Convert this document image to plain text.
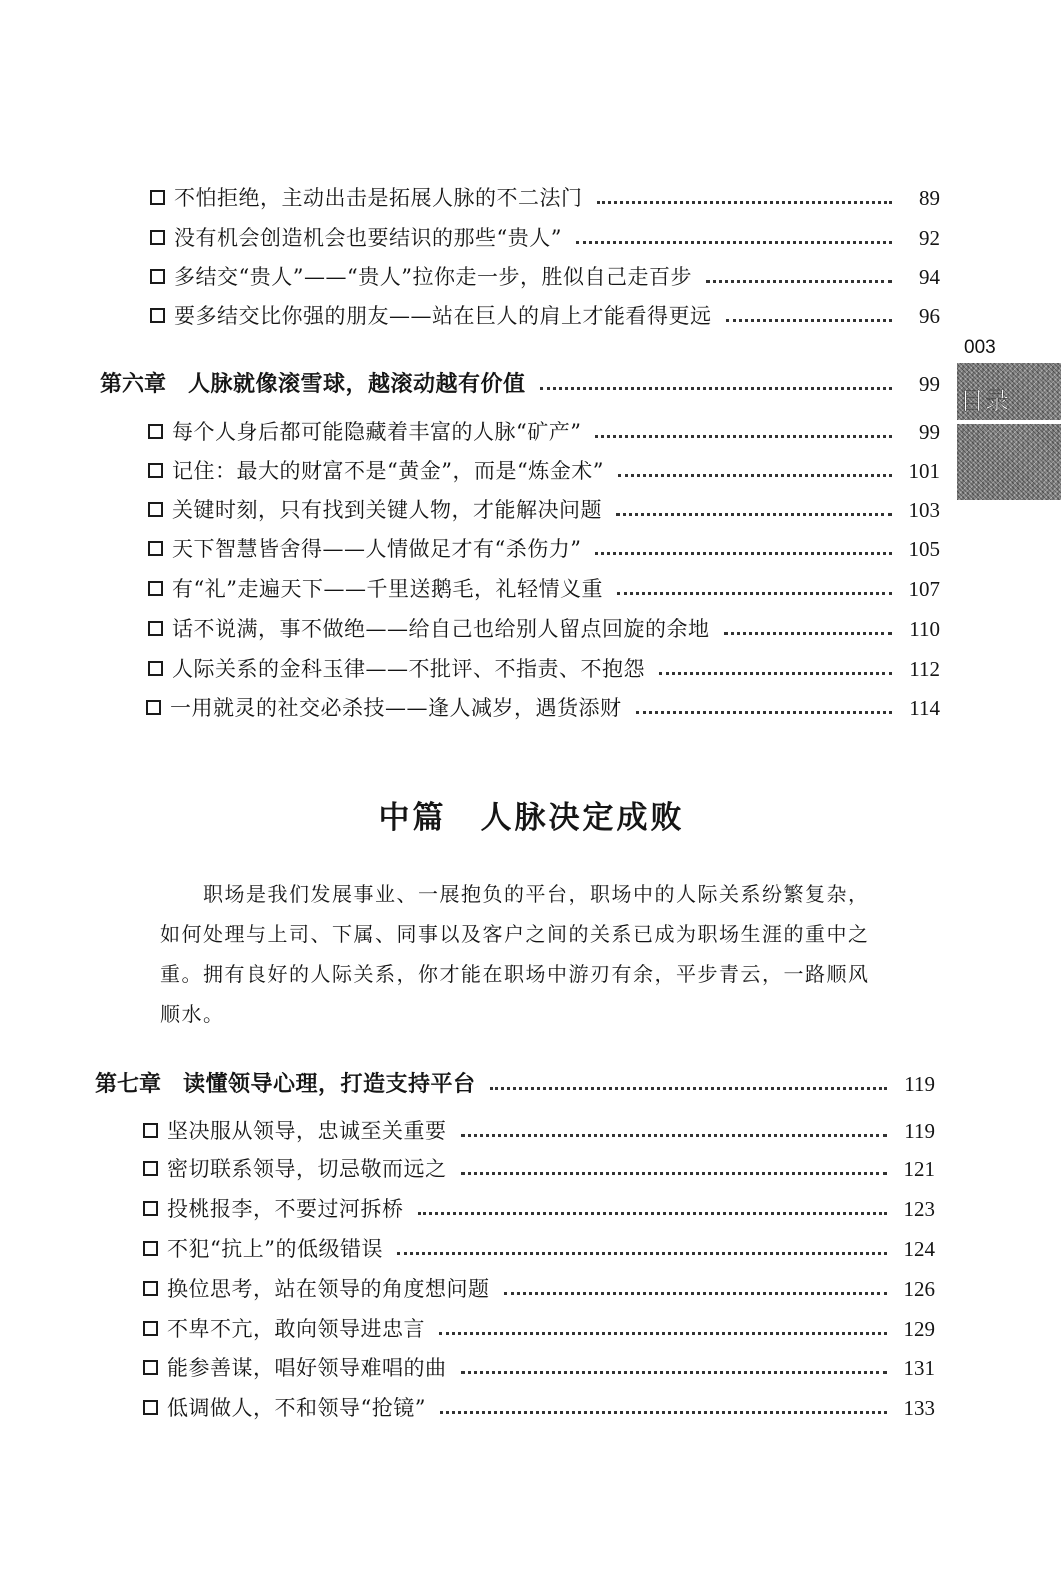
不怕拒绝，主动出击是拓展人脉的不二法门	89
没有机会创造机会也要结识的那些“贵人”	92
多结交“贵人”——“贵人”拉你走一步，胜似自己走百步	94
要多结交比你强的朋友——站在巨人的肩上才能看得更远	96
003
目录
第六章 人脉就像滚雪球，越滚动越有价值	99
每个人身后都可能隐藏着丰富的人脉“矿产”	99
记住：最大的财富不是“黄金”，而是“炼金术”	101
关键时刻，只有找到关键人物，才能解决问题	103
天下智慧皆舍得——人情做足才有“杀伤力”	105
有“礼”走遍天下——千里送鹅毛，礼轻情义重	107
话不说满，事不做绝——给自己也给别人留点回旋的余地	110
人际关系的金科玉律——不批评、不指责、不抱怨	112
一用就灵的社交必杀技——逢人减岁，遇货添财	114
中篇 人脉决定成败

职场是我们发展事业、一展抱负的平台，职场中的人际关系纷繁复杂，如何处理与上司、下属、同事以及客户之间的关系已成为职场生涯的重中之重。拥有良好的人际关系，你才能在职场中游刃有余，平步青云，一路顺风顺水。

第七章 读懂领导心理，打造支持平台	119
坚决服从领导，忠诚至关重要	119
密切联系领导，切忌敬而远之	121
投桃报李，不要过河拆桥	123
不犯“抗上”的低级错误	124
换位思考，站在领导的角度想问题	126
不卑不亢，敢向领导进忠言	129
能参善谋，唱好领导难唱的曲	131
低调做人，不和领导“抢镜”	133
